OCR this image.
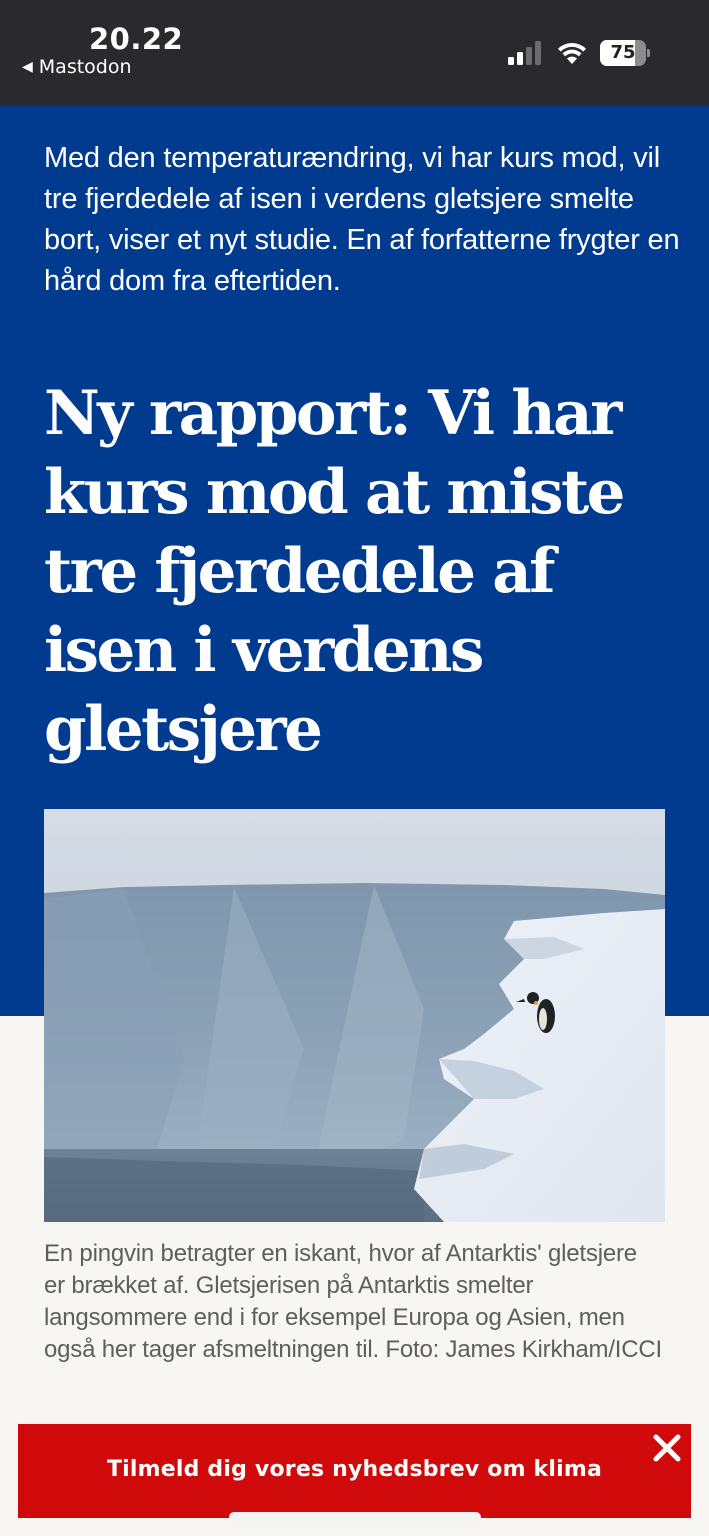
20.22
◀ Mastodon
75

Med den temperaturændring, vi har kurs mod, vil tre fjerdedele af isen i verdens gletsjere smelte bort, viser et nyt studie. En af forfatterne frygter en hård dom fra eftertiden.

Ny rapport: Vi har kurs mod at miste tre fjerdedele af isen i verdens gletsjere

En pingvin betragter en iskant, hvor af Antarktis' gletsjere er brækket af. Gletsjerisen på Antarktis smelter langsommere end i for eksempel Europa og Asien, men også her tager afsmeltningen til. Foto: James Kirkham/ICCI

Tilmeld dig vores nyhedsbrev om klima
